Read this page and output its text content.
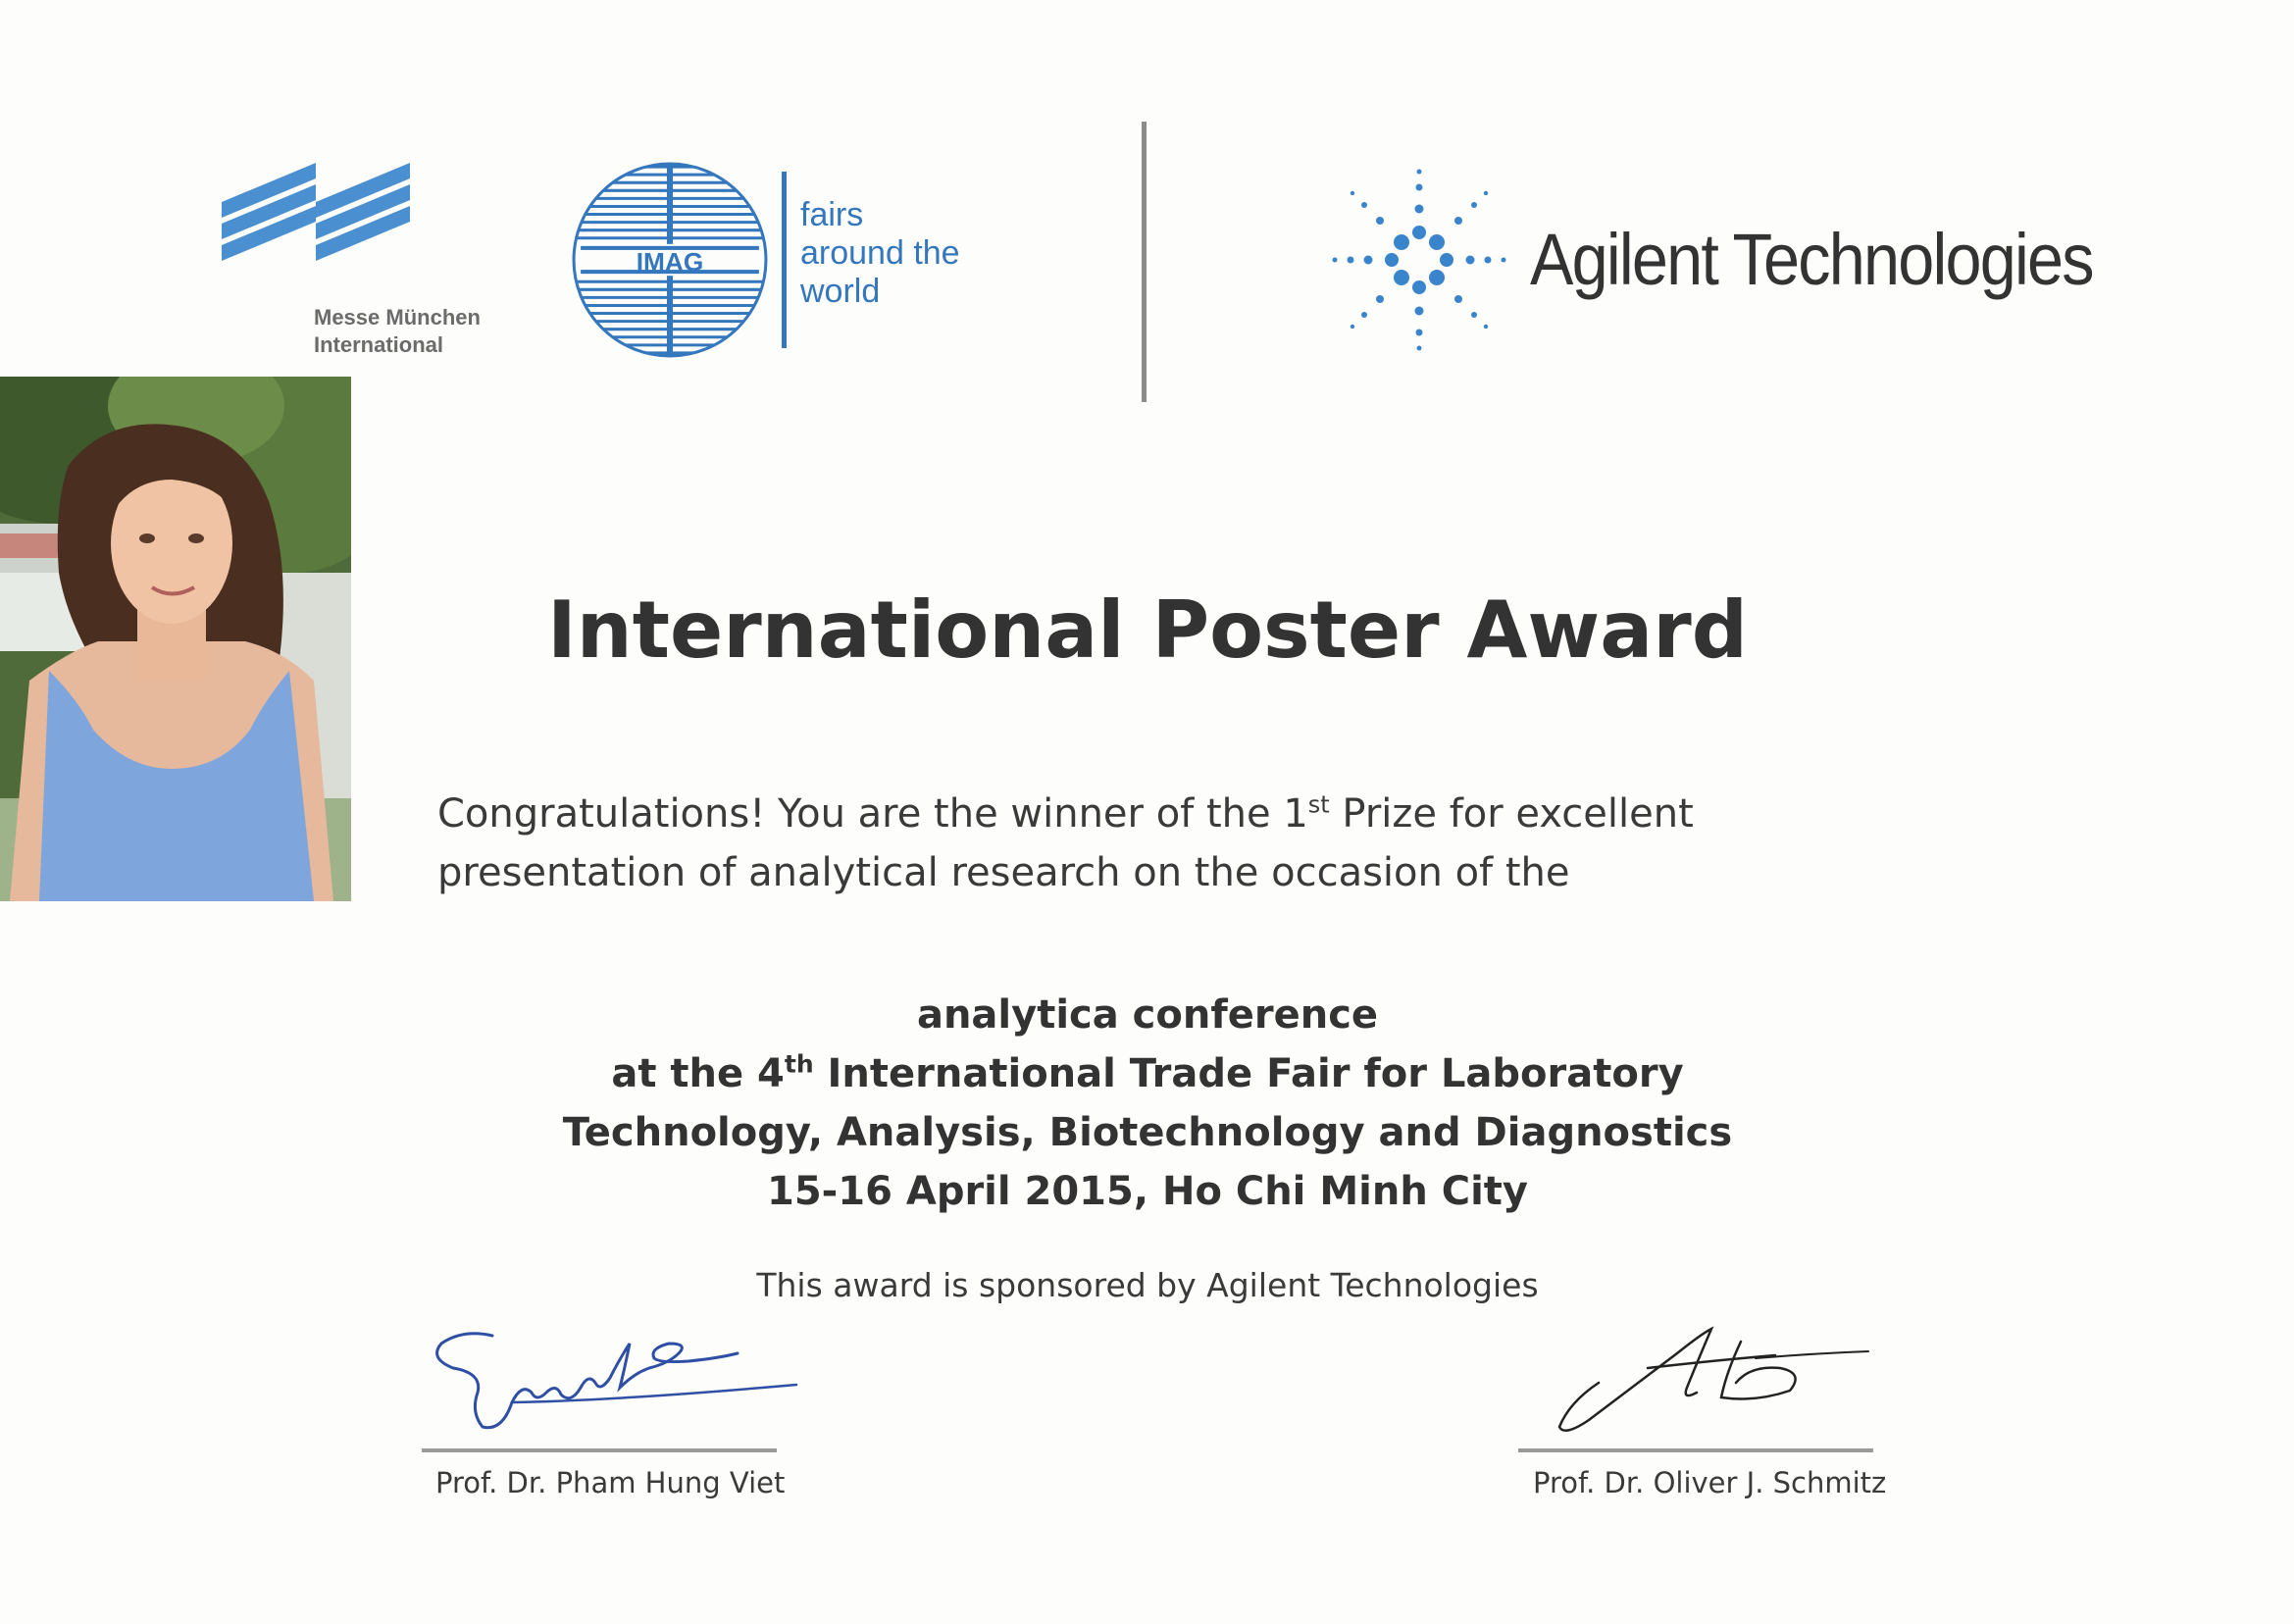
Messe München
International
IMAG
fairs
around the
world	Agilent Technologies
International Poster Award
Congratulations! You are the winner of the 1st Prize for excellent
presentation of analytical research on the occasion of the
analytica conference
at the 4th International Trade Fair for Laboratory
Technology, Analysis, Biotechnology and Diagnostics
15-16 April 2015, Ho Chi Minh City
This award is sponsored by Agilent Technologies
Prof. Dr. Pham Hung Viet	Prof. Dr. Oliver J. Schmitz
